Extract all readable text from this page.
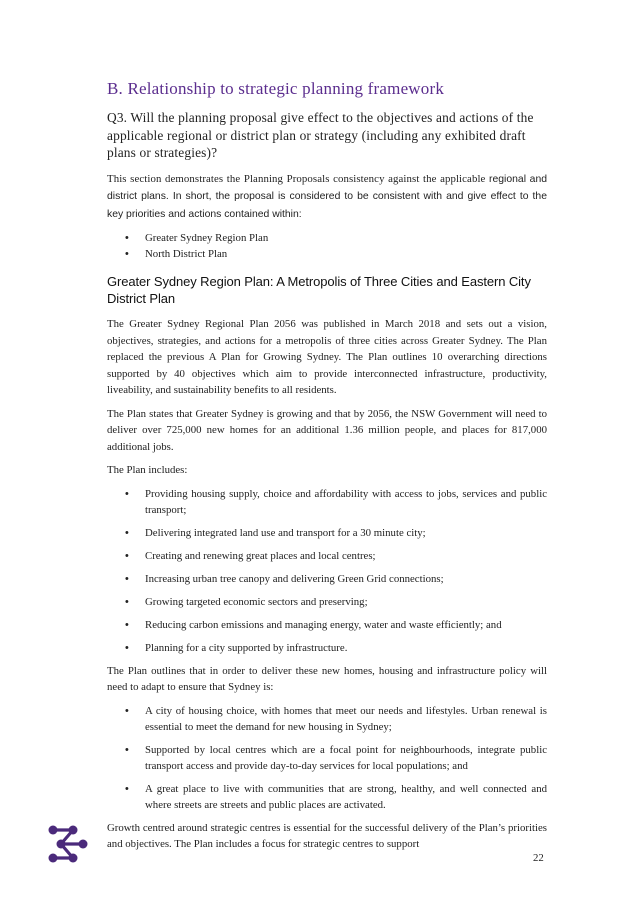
B. Relationship to strategic planning framework
Q3. Will the planning proposal give effect to the objectives and actions of the applicable regional or district plan or strategy (including any exhibited draft plans or strategies)?

This section demonstrates the Planning Proposals consistency against the applicable regional and district plans. In short, the proposal is considered to be consistent with and give effect to the key priorities and actions contained within:

• Greater Sydney Region Plan
• North District Plan
Greater Sydney Region Plan: A Metropolis of Three Cities and Eastern City District Plan

The Greater Sydney Regional Plan 2056 was published in March 2018 and sets out a vision, objectives, strategies, and actions for a metropolis of three cities across Greater Sydney. The Plan replaced the previous A Plan for Growing Sydney. The Plan outlines 10 overarching directions supported by 40 objectives which aim to provide interconnected infrastructure, productivity, liveability, and sustainability benefits to all residents.

The Plan states that Greater Sydney is growing and that by 2056, the NSW Government will need to deliver over 725,000 new homes for an additional 1.36 million people, and places for 817,000 additional jobs.

The Plan includes:

• Providing housing supply, choice and affordability with access to jobs, services and public transport;
• Delivering integrated land use and transport for a 30 minute city;
• Creating and renewing great places and local centres;
• Increasing urban tree canopy and delivering Green Grid connections;
• Growing targeted economic sectors and preserving;
• Reducing carbon emissions and managing energy, water and waste efficiently; and
• Planning for a city supported by infrastructure.

The Plan outlines that in order to deliver these new homes, housing and infrastructure policy will need to adapt to ensure that Sydney is:

• A city of housing choice, with homes that meet our needs and lifestyles. Urban renewal is essential to meet the demand for new housing in Sydney;
• Supported by local centres which are a focal point for neighbourhoods, integrate public transport access and provide day-to-day services for local populations; and
• A great place to live with communities that are strong, healthy, and well connected and where streets are streets and public places are activated.

Growth centred around strategic centres is essential for the successful delivery of the Plan’s priorities and objectives. The Plan includes a focus for strategic centres to support

22
